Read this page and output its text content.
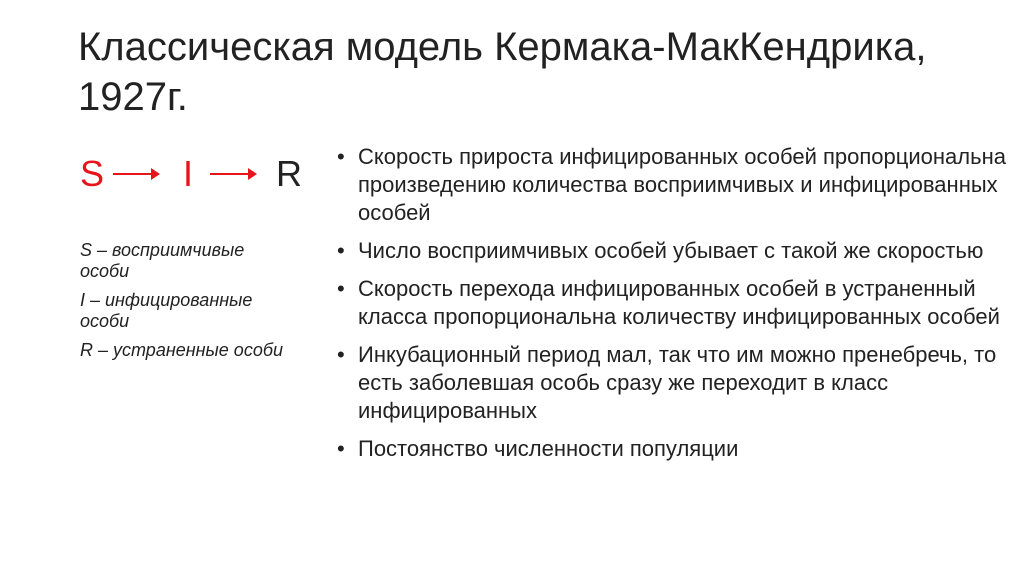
Классическая модель Кермака-МакКендрика, 1927г.
S I R

S – восприимчивые особи

I – инфицированные особи

R – устраненные особи

• Скорость прироста инфицированных особей пропорциональна произведению количества восприимчивых и инфицированных особей
• Число восприимчивых особей убывает с такой же скоростью
• Скорость перехода инфицированных особей в устраненный класса пропорциональна количеству инфицированных особей
• Инкубационный период мал, так что им можно пренебречь, то есть заболевшая особь сразу же переходит в класс инфицированных
• Постоянство численности популяции
